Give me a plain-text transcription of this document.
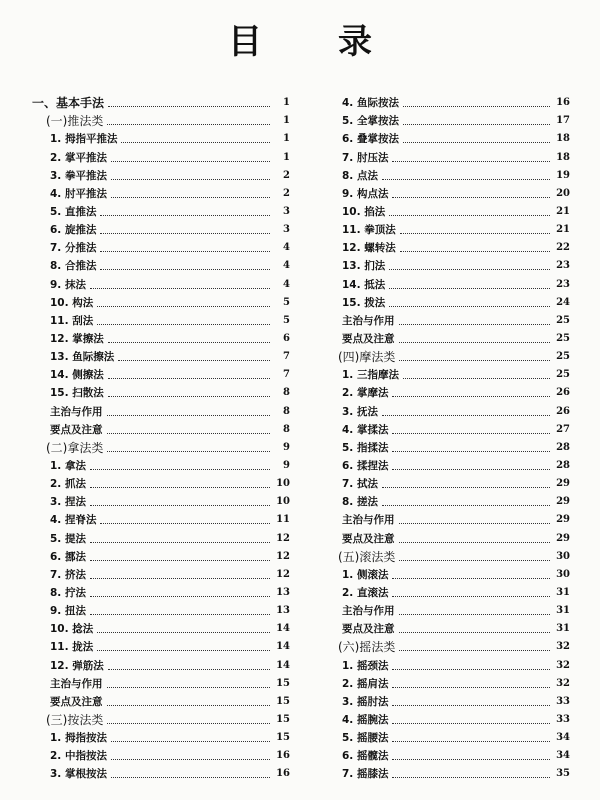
目 录
一、基本手法	1
(一)推法类	1
1. 拇指平推法	1
2. 掌平推法	1
3. 拳平推法	2
4. 肘平推法	2
5. 直推法	3
6. 旋推法	3
7. 分推法	4
8. 合推法	4
9. 抹法	4
10. 构法	5
11. 刮法	5
12. 掌擦法	6
13. 鱼际擦法	7
14. 侧擦法	7
15. 扫散法	8
主治与作用	8
要点及注意	8
(二)拿法类	9
1. 拿法	9
2. 抓法	10
3. 捏法	10
4. 捏脊法	11
5. 提法	12
6. 挪法	12
7. 挤法	12
8. 拧法	13
9. 扭法	13
10. 捻法	14
11. 拢法	14
12. 弹筋法	14
主治与作用	15
要点及注意	15
(三)按法类	15
1. 拇指按法	15
2. 中指按法	16
3. 掌根按法	16
4. 鱼际按法	16
5. 全掌按法	17
6. 叠掌按法	18
7. 肘压法	18
8. 点法	19
9. 构点法	20
10. 掐法	21
11. 拳顶法	21
12. 螺转法	22
13. 扪法	23
14. 抵法	23
15. 拨法	24
主治与作用	25
要点及注意	25
(四)摩法类	25
1. 三指摩法	25
2. 掌摩法	26
3. 抚法	26
4. 掌揉法	27
5. 指揉法	28
6. 揉捏法	28
7. 拭法	29
8. 搓法	29
主治与作用	29
要点及注意	29
(五)滚法类	30
1. 侧滚法	30
2. 直滚法	31
主治与作用	31
要点及注意	31
(六)摇法类	32
1. 摇颈法	32
2. 摇肩法	32
3. 摇肘法	33
4. 摇腕法	33
5. 摇腰法	34
6. 摇髋法	34
7. 摇膝法	35
